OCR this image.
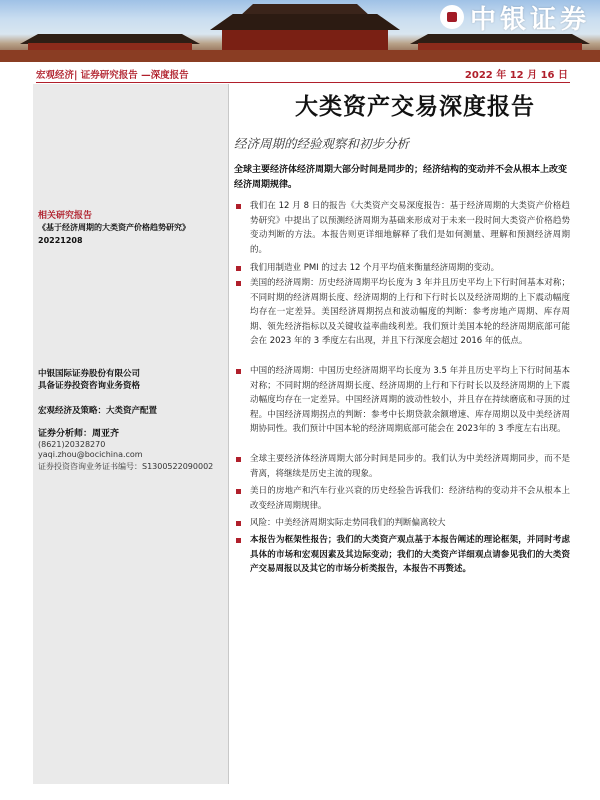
中银证券
宏观经济| 证券研究报告 —深度报告	2022 年 12 月 16 日
相关研究报告
《基于经济周期的大类资产价格趋势研究》
20221208
中银国际证券股份有限公司
具备证券投资咨询业务资格
宏观经济及策略：大类资产配置
证券分析师：周亚齐
(8621)20328270
yaqi.zhou@bocichina.com
证券投资咨询业务证书编号：S1300522090002
大类资产交易深度报告
经济周期的经验观察和初步分析
全球主要经济体经济周期大部分时间是同步的；经济结构的变动并不会从根本上改变经济周期规律。
我们在 12 月 8 日的报告《大类资产交易深度报告：基于经济周期的大类资产价格趋势研究》中提出了以预测经济周期为基础来形成对于未来一段时间大类资产价格趋势变动判断的方法。本报告则更详细地解释了我们是如何测量、理解和预测经济周期的。
我们用制造业 PMI 的过去 12 个月平均值来衡量经济周期的变动。
美国的经济周期：历史经济周期平均长度为 3 年并且历史平均上下行时间基本对称；不同时期的经济周期长度、经济周期的上行和下行时长以及经济周期的上下震动幅度均存在一定差异。美国经济周期拐点和波动幅度的判断：参考房地产周期、库存周期、领先经济指标以及关键收益率曲线利差。我们预计美国本轮的经济周期底部可能会在 2023 年的 3 季度左右出现，并且下行深度会超过 2016 年的低点。
中国的经济周期：中国历史经济周期平均长度为 3.5 年并且历史平均上下行时间基本对称；不同时期的经济周期长度、经济周期的上行和下行时长以及经济周期的上下震动幅度均存在一定差异。中国经济周期的波动性较小，并且存在持续磨底和寻顶的过程。中国经济周期拐点的判断：参考中长期贷款余额增速、库存周期以及中美经济周期协同性。我们预计中国本轮的经济周期底部可能会在 2023年的 3 季度左右出现。
全球主要经济体经济周期大部分时间是同步的。我们认为中美经济周期同步，而不是背离，将继续是历史主流的现象。
美日的房地产和汽车行业兴衰的历史经验告诉我们：经济结构的变动并不会从根本上改变经济周期规律。
风险：中美经济周期实际走势同我们的判断偏离较大
本报告为框架性报告；我们的大类资产观点基于本报告阐述的理论框架，并同时考虑具体的市场和宏观因素及其边际变动；我们的大类资产详细观点请参见我们的大类资产交易周报以及其它的市场分析类报告，本报告不再赘述。
